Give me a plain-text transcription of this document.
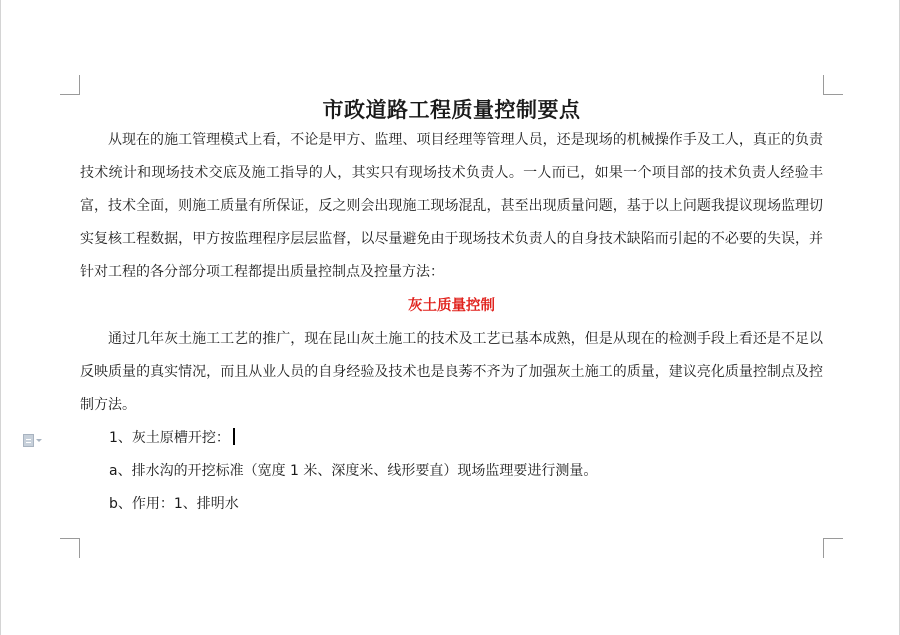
市政道路工程质量控制要点

从现在的施工管理模式上看，不论是甲方、监理、项目经理等管理人员，还是现场的机械操作手及工人，真正的负责技术统计和现场技术交底及施工指导的人，其实只有现场技术负责人。一人而已，如果一个项目部的技术负责人经验丰富，技术全面，则施工质量有所保证，反之则会出现施工现场混乱，甚至出现质量问题，基于以上问题我提议现场监理切实复核工程数据，甲方按监理程序层层监督，以尽量避免由于现场技术负责人的自身技术缺陷而引起的不必要的失误，并针对工程的各分部分项工程都提出质量控制点及控量方法：

灰土质量控制

通过几年灰土施工工艺的推广，现在昆山灰土施工的技术及工艺已基本成熟，但是从现在的检测手段上看还是不足以反映质量的真实情况，而且从业人员的自身经验及技术也是良莠不齐为了加强灰土施工的质量，建议亮化质量控制点及控制方法。

1、灰土原槽开挖：

a、排水沟的开挖标准（宽度 1 米、深度米、线形要直）现场监理要进行测量。

b、作用：1、排明水
